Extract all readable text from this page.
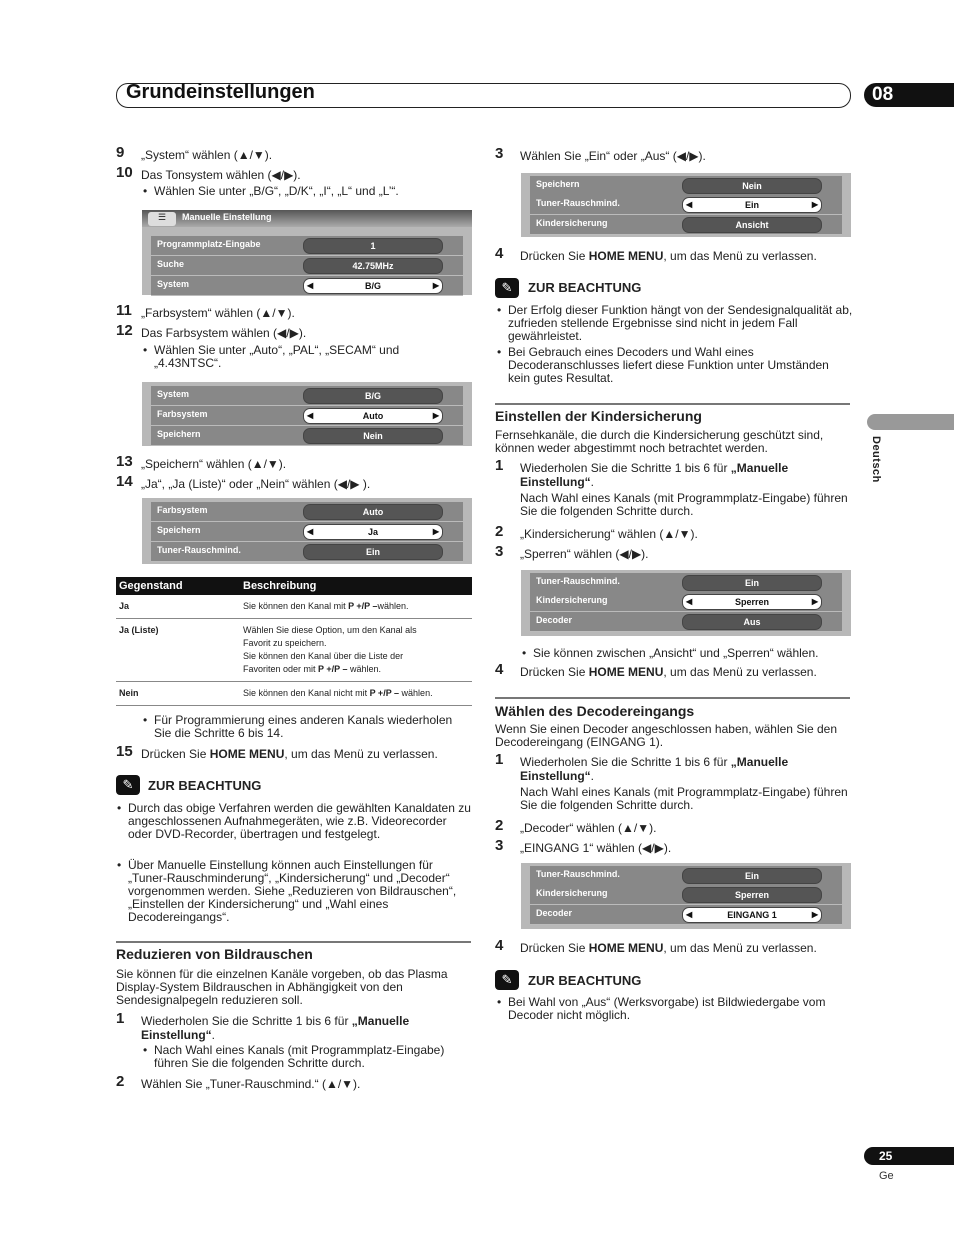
Grundeinstellungen	08
Deutsch
9 „System“ wählen (▲/▼).
10 Das Tonsystem wählen (◀/▶).
• Wählen Sie unter „B/G“, „D/K“, „I“, „L“ und „L’“.
Manuelle Einstellung
☰
Programmplatz-Eingabe	1
Suche	42.75MHz
System	◀	B/G	▶
11 „Farbsystem“ wählen (▲/▼).
12 Das Farbsystem wählen (◀/▶).
• Wählen Sie unter „Auto“, „PAL“, „SECAM“ und „4.43NTSC“.
System	B/G
Farbsystem	◀	Auto	▶
Speichern	Nein
13 „Speichern“ wählen (▲/▼).
14 „Ja“, „Ja (Liste)“ oder „Nein“ wählen (◀/▶ ).
Farbsystem	Auto
Speichern	◀	Ja	▶
Tuner-Rauschmind.	Ein
Gegenstand	Beschreibung
Ja	Sie können den Kanal mit P +/P –wählen.
Ja (Liste)	Wählen Sie diese Option, um den Kanal als
Favorit zu speichern.
Sie können den Kanal über die Liste der
Favoriten oder mit P +/P – wählen.
Nein	Sie können den Kanal nicht mit P +/P – wählen.
• Für Programmierung eines anderen Kanals wiederholen Sie die Schritte 6 bis 14.
15 Drücken Sie HOME MENU, um das Menü zu verlassen.
✎	ZUR BEACHTUNG
• Durch das obige Verfahren werden die gewählten Kanaldaten zu angeschlossenen Aufnahmegeräten, wie z.B. Videorecorder oder DVD-Recorder, übertragen und festgelegt.
• Über Manuelle Einstellung können auch Einstellungen für „Tuner-Rauschminderung“, „Kindersicherung“ und „Decoder“ vorgenommen werden. Siehe „Reduzieren von Bildrauschen“, „Einstellen der Kindersicherung“ und „Wahl eines Decodereingangs“.
Reduzieren von Bildrauschen
Sie können für die einzelnen Kanäle vorgeben, ob das Plasma Display-System Bildrauschen in Abhängigkeit von den Sendesignalpegeln reduzieren soll.
1 Wiederholen Sie die Schritte 1 bis 6 für „Manuelle Einstellung“.
• Nach Wahl eines Kanals (mit Programmplatz-Eingabe) führen Sie die folgenden Schritte durch.
2 Wählen Sie „Tuner-Rauschmind.“ (▲/▼).
3 Wählen Sie „Ein“ oder „Aus“ (◀/▶).
Speichern	Nein
Tuner-Rauschmind.	◀	Ein	▶
Kindersicherung	Ansicht
4 Drücken Sie HOME MENU, um das Menü zu verlassen.
✎	ZUR BEACHTUNG
• Der Erfolg dieser Funktion hängt von der Sendesignalqualität ab, zufrieden stellende Ergebnisse sind nicht in jedem Fall gewährleistet.
• Bei Gebrauch eines Decoders und Wahl eines Decoderanschlusses liefert diese Funktion unter Umständen kein gutes Resultat.
Einstellen der Kindersicherung
Fernsehkanäle, die durch die Kindersicherung geschützt sind, können weder abgestimmt noch betrachtet werden.
1 Wiederholen Sie die Schritte 1 bis 6 für „Manuelle Einstellung“.
Nach Wahl eines Kanals (mit Programmplatz-Eingabe) führen Sie die folgenden Schritte durch.
2 „Kindersicherung“ wählen (▲/▼).
3 „Sperren“ wählen (◀/▶).
Tuner-Rauschmind.	Ein
Kindersicherung	◀	Sperren	▶
Decoder	Aus
• Sie können zwischen „Ansicht“ und „Sperren“ wählen.
4 Drücken Sie HOME MENU, um das Menü zu verlassen.
Wählen des Decodereingangs
Wenn Sie einen Decoder angeschlossen haben, wählen Sie den Decodereingang (EINGANG 1).
1 Wiederholen Sie die Schritte 1 bis 6 für „Manuelle Einstellung“.
Nach Wahl eines Kanals (mit Programmplatz-Eingabe) führen Sie die folgenden Schritte durch.
2 „Decoder“ wählen (▲/▼).
3 „EINGANG 1“ wählen (◀/▶).
Tuner-Rauschmind.	Ein
Kindersicherung	Sperren
Decoder	◀	EINGANG 1	▶
4 Drücken Sie HOME MENU, um das Menü zu verlassen.
✎	ZUR BEACHTUNG
• Bei Wahl von „Aus“ (Werksvorgabe) ist Bildwiedergabe vom Decoder nicht möglich.
25
Ge
